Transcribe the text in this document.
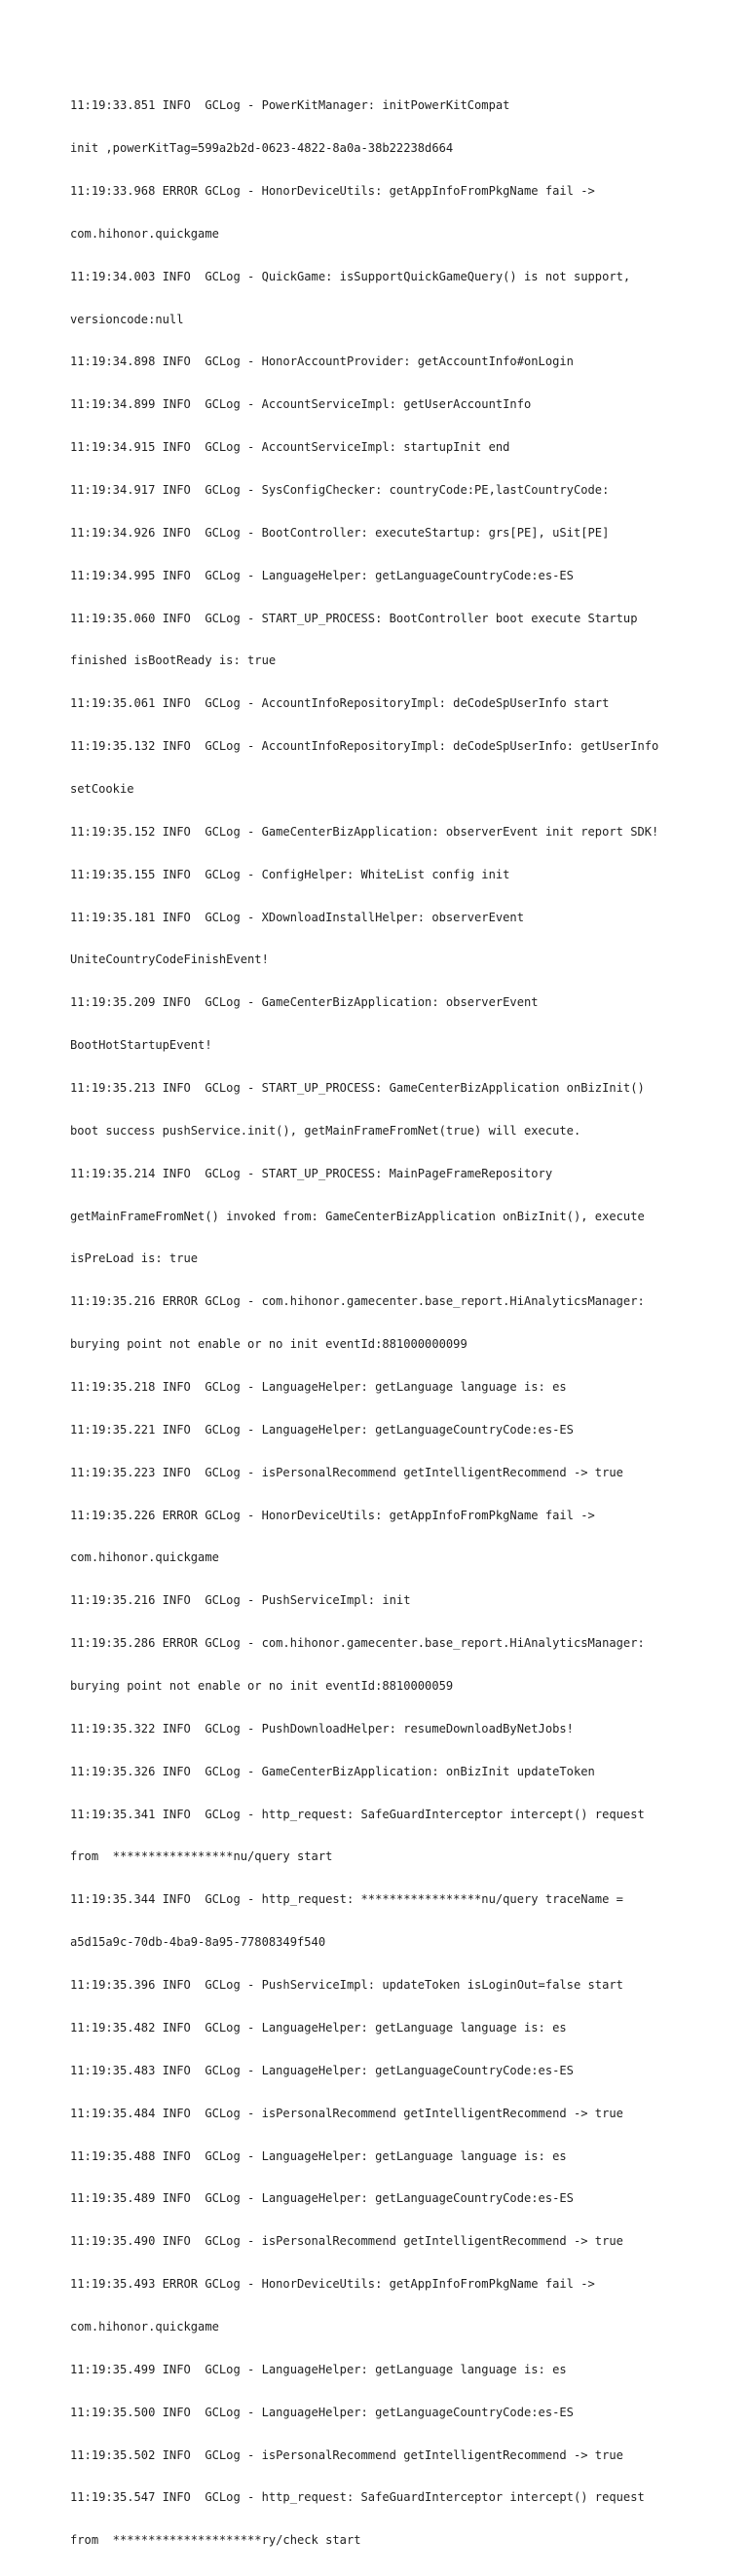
11:19:33.851 INFO  GCLog - PowerKitManager: initPowerKitCompat

init ,powerKitTag=599a2b2d-0623-4822-8a0a-38b22238d664

11:19:33.968 ERROR GCLog - HonorDeviceUtils: getAppInfoFromPkgName fail ->

com.hihonor.quickgame

11:19:34.003 INFO  GCLog - QuickGame: isSupportQuickGameQuery() is not support,

versioncode:null

11:19:34.898 INFO  GCLog - HonorAccountProvider: getAccountInfo#onLogin

11:19:34.899 INFO  GCLog - AccountServiceImpl: getUserAccountInfo

11:19:34.915 INFO  GCLog - AccountServiceImpl: startupInit end

11:19:34.917 INFO  GCLog - SysConfigChecker: countryCode:PE,lastCountryCode:

11:19:34.926 INFO  GCLog - BootController: executeStartup: grs[PE], uSit[PE]

11:19:34.995 INFO  GCLog - LanguageHelper: getLanguageCountryCode:es-ES

11:19:35.060 INFO  GCLog - START_UP_PROCESS: BootController boot execute Startup

finished isBootReady is: true

11:19:35.061 INFO  GCLog - AccountInfoRepositoryImpl: deCodeSpUserInfo start

11:19:35.132 INFO  GCLog - AccountInfoRepositoryImpl: deCodeSpUserInfo: getUserInfo

setCookie

11:19:35.152 INFO  GCLog - GameCenterBizApplication: observerEvent init report SDK!

11:19:35.155 INFO  GCLog - ConfigHelper: WhiteList config init

11:19:35.181 INFO  GCLog - XDownloadInstallHelper: observerEvent

UniteCountryCodeFinishEvent!

11:19:35.209 INFO  GCLog - GameCenterBizApplication: observerEvent

BootHotStartupEvent!

11:19:35.213 INFO  GCLog - START_UP_PROCESS: GameCenterBizApplication onBizInit()

boot success pushService.init(), getMainFrameFromNet(true) will execute.

11:19:35.214 INFO  GCLog - START_UP_PROCESS: MainPageFrameRepository

getMainFrameFromNet() invoked from: GameCenterBizApplication onBizInit(), execute

isPreLoad is: true

11:19:35.216 ERROR GCLog - com.hihonor.gamecenter.base_report.HiAnalyticsManager:

burying point not enable or no init eventId:881000000099

11:19:35.218 INFO  GCLog - LanguageHelper: getLanguage language is: es

11:19:35.221 INFO  GCLog - LanguageHelper: getLanguageCountryCode:es-ES

11:19:35.223 INFO  GCLog - isPersonalRecommend getIntelligentRecommend -> true

11:19:35.226 ERROR GCLog - HonorDeviceUtils: getAppInfoFromPkgName fail ->

com.hihonor.quickgame

11:19:35.216 INFO  GCLog - PushServiceImpl: init

11:19:35.286 ERROR GCLog - com.hihonor.gamecenter.base_report.HiAnalyticsManager:

burying point not enable or no init eventId:8810000059

11:19:35.322 INFO  GCLog - PushDownloadHelper: resumeDownloadByNetJobs!

11:19:35.326 INFO  GCLog - GameCenterBizApplication: onBizInit updateToken

11:19:35.341 INFO  GCLog - http_request: SafeGuardInterceptor intercept() request

from  *****************nu/query start

11:19:35.344 INFO  GCLog - http_request: *****************nu/query traceName =

a5d15a9c-70db-4ba9-8a95-77808349f540

11:19:35.396 INFO  GCLog - PushServiceImpl: updateToken isLoginOut=false start

11:19:35.482 INFO  GCLog - LanguageHelper: getLanguage language is: es

11:19:35.483 INFO  GCLog - LanguageHelper: getLanguageCountryCode:es-ES

11:19:35.484 INFO  GCLog - isPersonalRecommend getIntelligentRecommend -> true

11:19:35.488 INFO  GCLog - LanguageHelper: getLanguage language is: es

11:19:35.489 INFO  GCLog - LanguageHelper: getLanguageCountryCode:es-ES

11:19:35.490 INFO  GCLog - isPersonalRecommend getIntelligentRecommend -> true

11:19:35.493 ERROR GCLog - HonorDeviceUtils: getAppInfoFromPkgName fail ->

com.hihonor.quickgame

11:19:35.499 INFO  GCLog - LanguageHelper: getLanguage language is: es

11:19:35.500 INFO  GCLog - LanguageHelper: getLanguageCountryCode:es-ES

11:19:35.502 INFO  GCLog - isPersonalRecommend getIntelligentRecommend -> true

11:19:35.547 INFO  GCLog - http_request: SafeGuardInterceptor intercept() request

from  *********************ry/check start
